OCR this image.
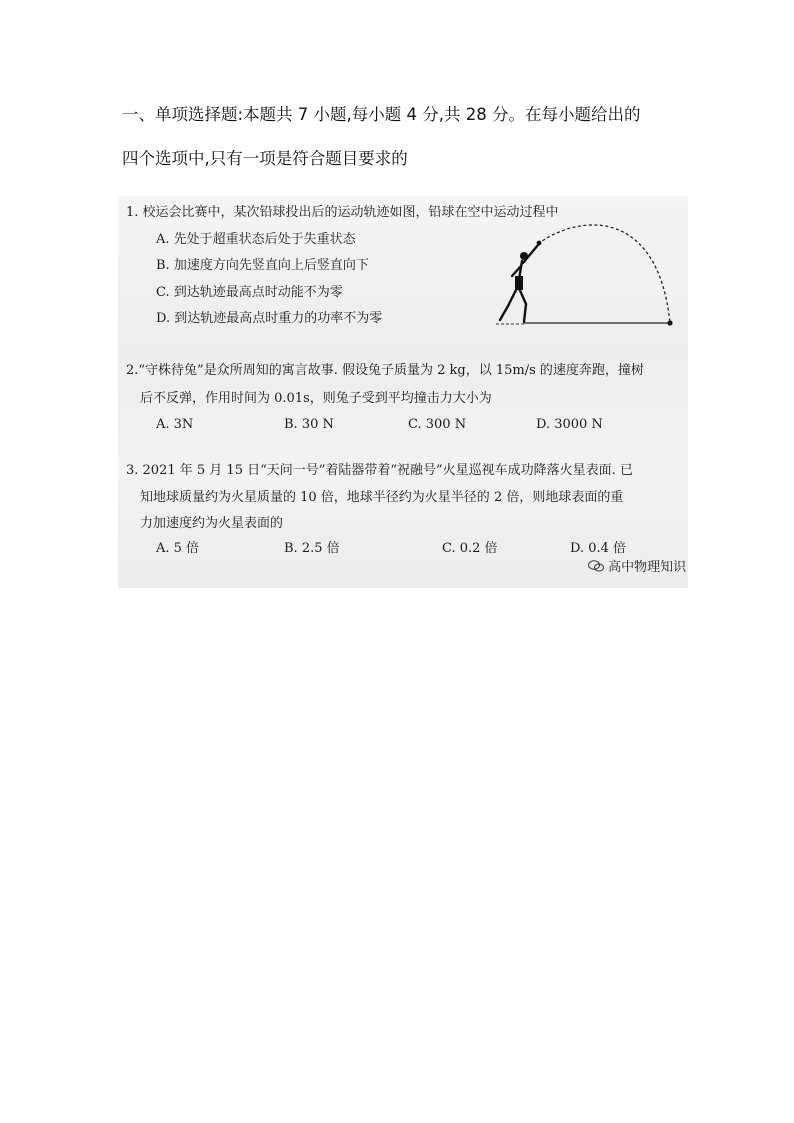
一、单项选择题:本题共 7 小题,每小题 4 分,共 28 分。在每小题给出的
四个选项中,只有一项是符合题目要求的
1. 校运会比赛中，某次铅球投出后的运动轨迹如图，铅球在空中运动过程中
A. 先处于超重状态后处于失重状态
B. 加速度方向先竖直向上后竖直向下
C. 到达轨迹最高点时动能不为零
D. 到达轨迹最高点时重力的功率不为零
2.“守株待兔”是众所周知的寓言故事. 假设兔子质量为 2 kg，以 15m/s 的速度奔跑，撞树
后不反弹，作用时间为 0.01s，则兔子受到平均撞击力大小为
A. 3N	B. 30 N	C. 300 N	D. 3000 N
3. 2021 年 5 月 15 日“天问一号”着陆器带着“祝融号”火星巡视车成功降落火星表面. 已
知地球质量约为火星质量的 10 倍，地球半径约为火星半径的 2 倍，则地球表面的重
力加速度约为火星表面的
A. 5 倍	B. 2.5 倍	C. 0.2 倍	D. 0.4 倍
高中物理知识
